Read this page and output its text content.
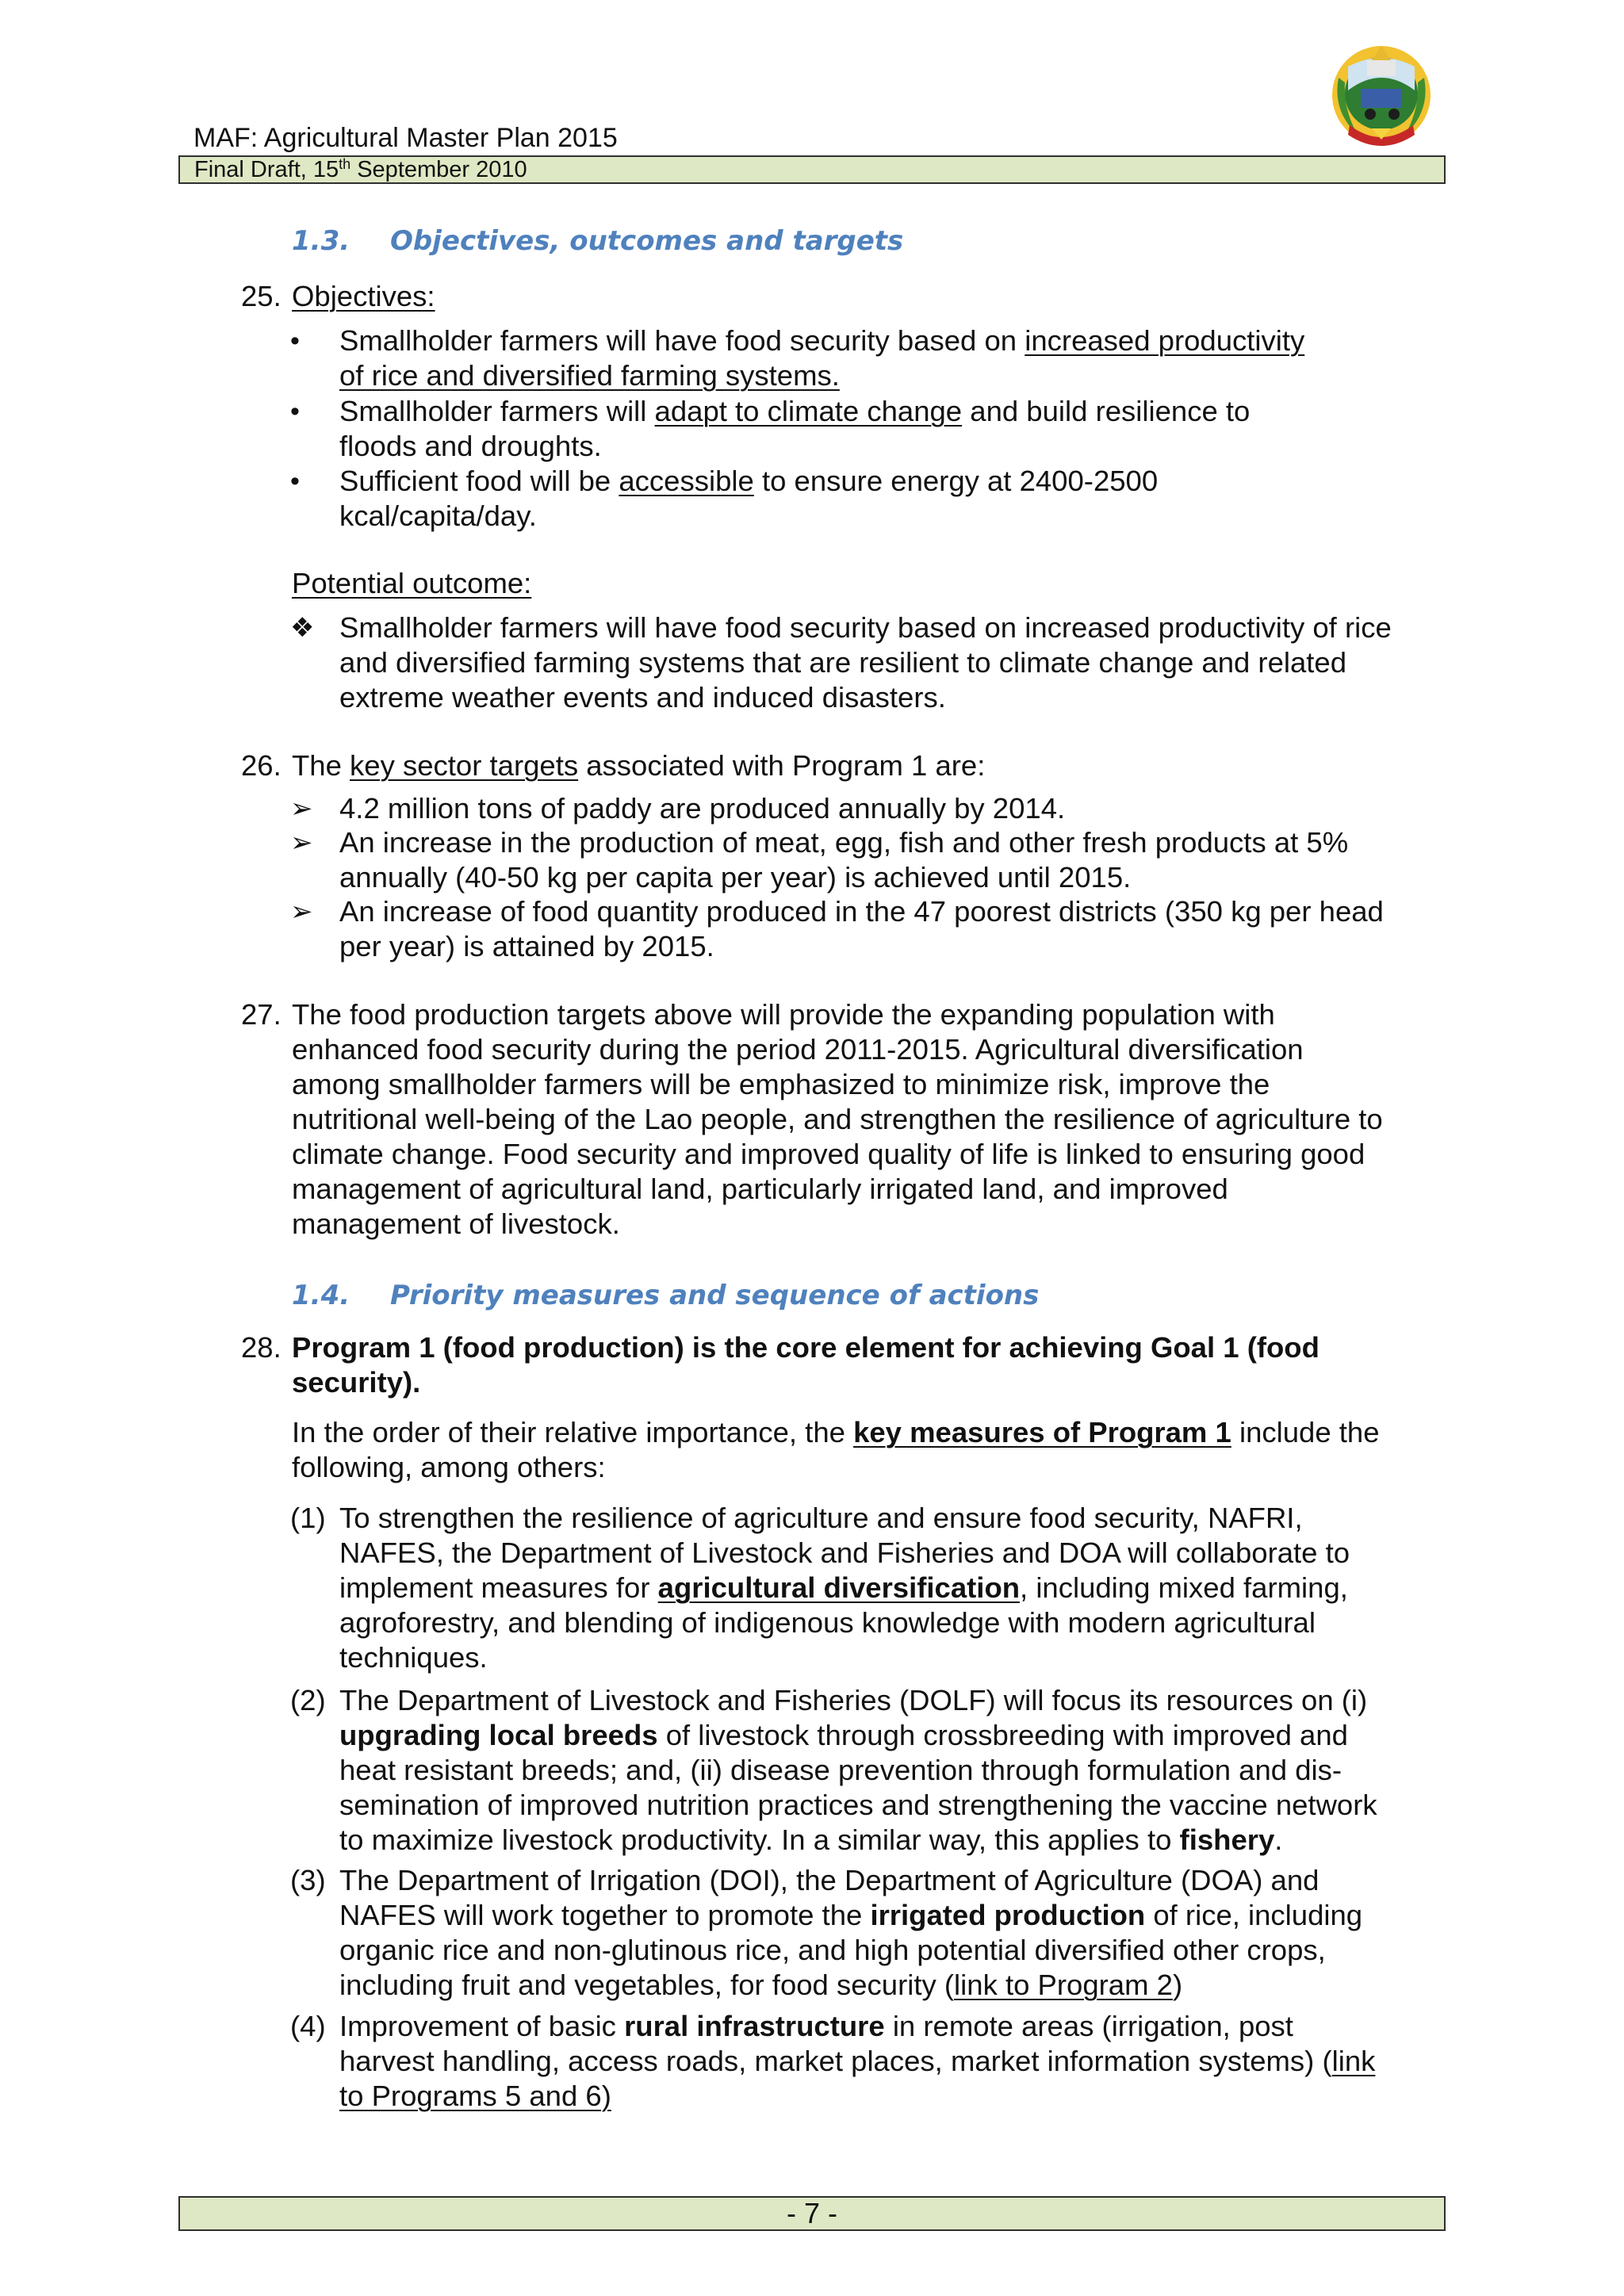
MAF: Agricultural Master Plan 2015
Final Draft, 15th September 2010
1.3. Objectives, outcomes and targets
25. Objectives:
• Smallholder farmers will have food security based on increased productivity
of rice and diversified farming systems.
• Smallholder farmers will adapt to climate change and build resilience to
floods and droughts.
• Sufficient food will be accessible to ensure energy at 2400-2500
kcal/capita/day.
Potential outcome:
❖ Smallholder farmers will have food security based on increased productivity of rice
and diversified farming systems that are resilient to climate change and related
extreme weather events and induced disasters.
26. The key sector targets associated with Program 1 are:
➢ 4.2 million tons of paddy are produced annually by 2014.
➢ An increase in the production of meat, egg, fish and other fresh products at 5%
annually (40-50 kg per capita per year) is achieved until 2015.
➢ An increase of food quantity produced in the 47 poorest districts (350 kg per head
per year) is attained by 2015.
27. The food production targets above will provide the expanding population with
enhanced food security during the period 2011-2015. Agricultural diversification
among smallholder farmers will be emphasized to minimize risk, improve the
nutritional well-being of the Lao people, and strengthen the resilience of agriculture to
climate change. Food security and improved quality of life is linked to ensuring good
management of agricultural land, particularly irrigated land, and improved
management of livestock.
1.4. Priority measures and sequence of actions
28. Program 1 (food production) is the core element for achieving Goal 1 (food
security).
In the order of their relative importance, the key measures of Program 1 include the
following, among others:
(1) To strengthen the resilience of agriculture and ensure food security, NAFRI,
NAFES, the Department of Livestock and Fisheries and DOA will collaborate to
implement measures for agricultural diversification, including mixed farming,
agroforestry, and blending of indigenous knowledge with modern agricultural
techniques.
(2) The Department of Livestock and Fisheries (DOLF) will focus its resources on (i)
upgrading local breeds of livestock through crossbreeding with improved and
heat resistant breeds; and, (ii) disease prevention through formulation and dis-
semination of improved nutrition practices and strengthening the vaccine network
to maximize livestock productivity. In a similar way, this applies to fishery.
(3) The Department of Irrigation (DOI), the Department of Agriculture (DOA) and
NAFES will work together to promote the irrigated production of rice, including
organic rice and non-glutinous rice, and high potential diversified other crops,
including fruit and vegetables, for food security (link to Program 2)
(4) Improvement of basic rural infrastructure in remote areas (irrigation, post
harvest handling, access roads, market places, market information systems) (link
to Programs 5 and 6)
- 7 -
